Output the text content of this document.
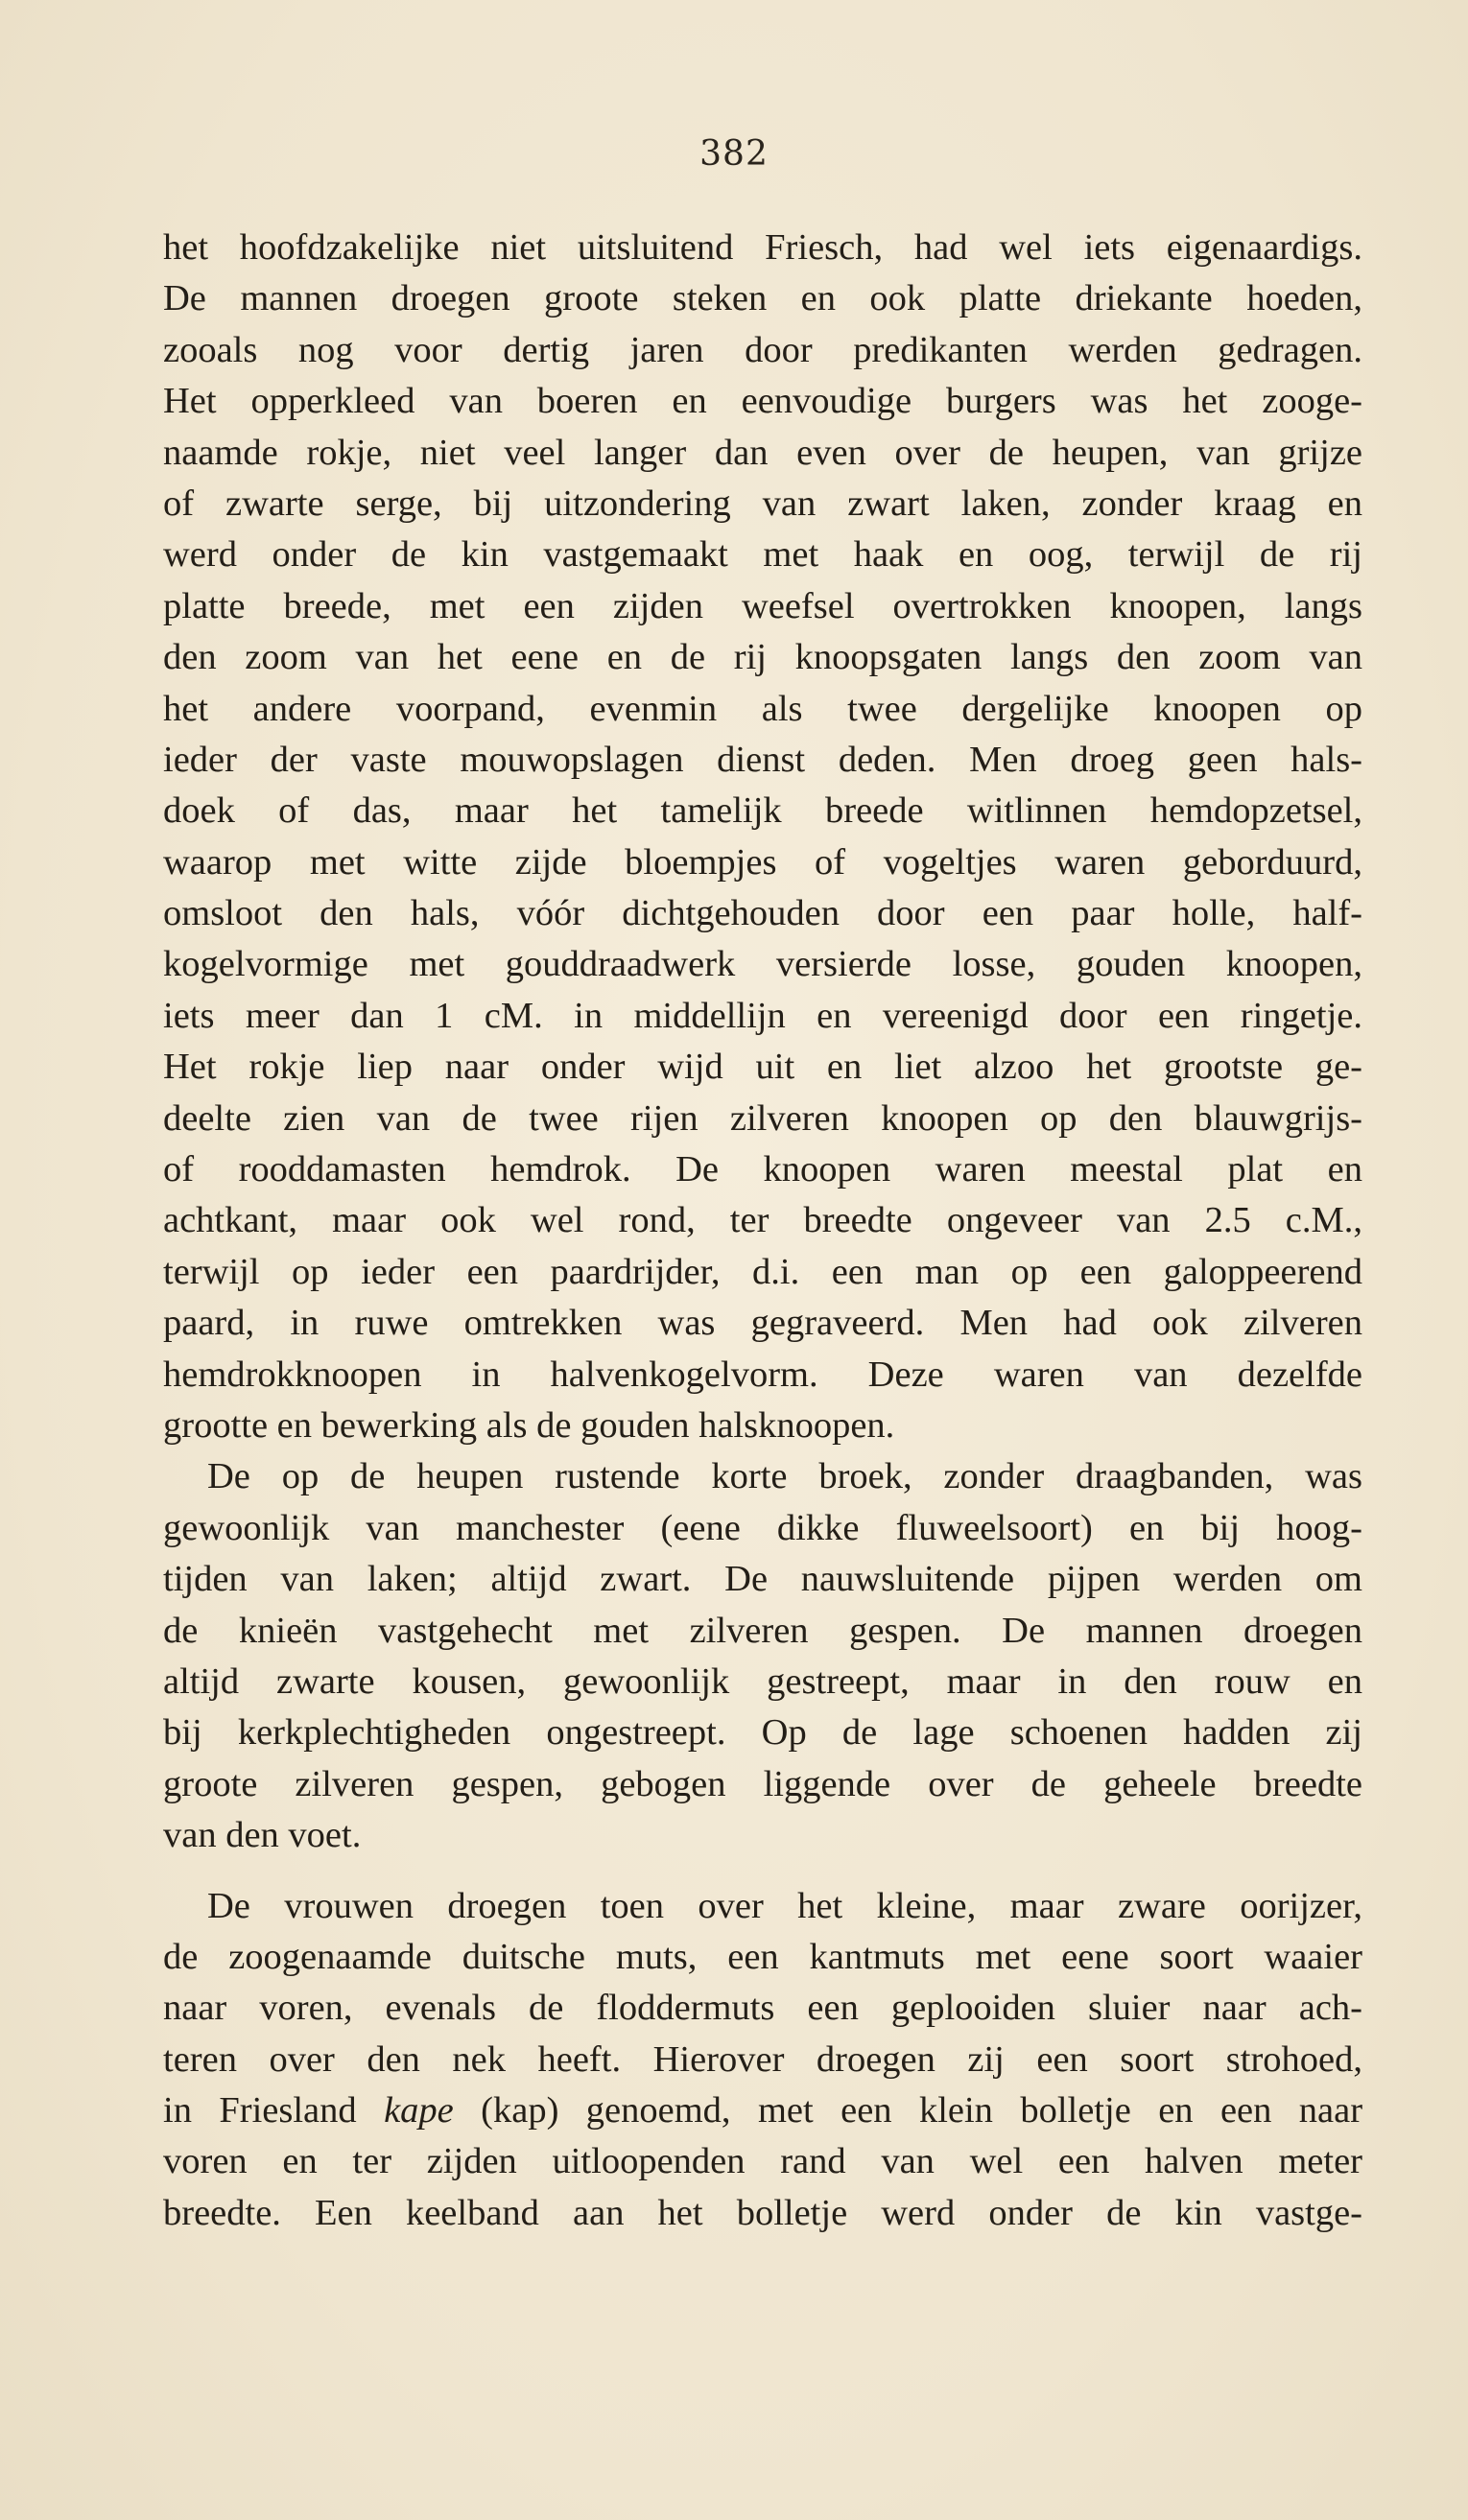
382
het hoofdzakelijke niet uitsluitend Friesch, had wel iets eigenaardigs.
De mannen droegen groote steken en ook platte driekante hoeden,
zooals nog voor dertig jaren door predikanten werden gedragen.
Het opperkleed van boeren en eenvoudige burgers was het zooge-
naamde rokje, niet veel langer dan even over de heupen, van grijze
of zwarte serge, bij uitzondering van zwart laken, zonder kraag en
werd onder de kin vastgemaakt met haak en oog, terwijl de rij
platte breede, met een zijden weefsel overtrokken knoopen, langs
den zoom van het eene en de rij knoopsgaten langs den zoom van
het andere voorpand, evenmin als twee dergelijke knoopen op
ieder der vaste mouwopslagen dienst deden. Men droeg geen hals-
doek of das, maar het tamelijk breede witlinnen hemdopzetsel,
waarop met witte zijde bloempjes of vogeltjes waren geborduurd,
omsloot den hals, vóór dichtgehouden door een paar holle, half-
kogelvormige met gouddraadwerk versierde losse, gouden knoopen,
iets meer dan 1 cM. in middellijn en vereenigd door een ringetje.
Het rokje liep naar onder wijd uit en liet alzoo het grootste ge-
deelte zien van de twee rijen zilveren knoopen op den blauwgrijs-
of rooddamasten hemdrok. De knoopen waren meestal plat en
achtkant, maar ook wel rond, ter breedte ongeveer van 2.5 c.M.,
terwijl op ieder een paardrijder, d.i. een man op een galoppeerend
paard, in ruwe omtrekken was gegraveerd. Men had ook zilveren
hemdrokknoopen in halvenkogelvorm. Deze waren van dezelfde
grootte en bewerking als de gouden halsknoopen.
De op de heupen rustende korte broek, zonder draagbanden, was
gewoonlijk van manchester (eene dikke fluweelsoort) en bij hoog-
tijden van laken; altijd zwart. De nauwsluitende pijpen werden om
de knieën vastgehecht met zilveren gespen. De mannen droegen
altijd zwarte kousen, gewoonlijk gestreept, maar in den rouw en
bij kerkplechtigheden ongestreept. Op de lage schoenen hadden zij
groote zilveren gespen, gebogen liggende over de geheele breedte
van den voet.
De vrouwen droegen toen over het kleine, maar zware oorijzer,
de zoogenaamde duitsche muts, een kantmuts met eene soort waaier
naar voren, evenals de floddermuts een geplooiden sluier naar ach-
teren over den nek heeft. Hierover droegen zij een soort strohoed,
in Friesland kape (kap) genoemd, met een klein bolletje en een naar
voren en ter zijden uitloopenden rand van wel een halven meter
breedte. Een keelband aan het bolletje werd onder de kin vastge-
